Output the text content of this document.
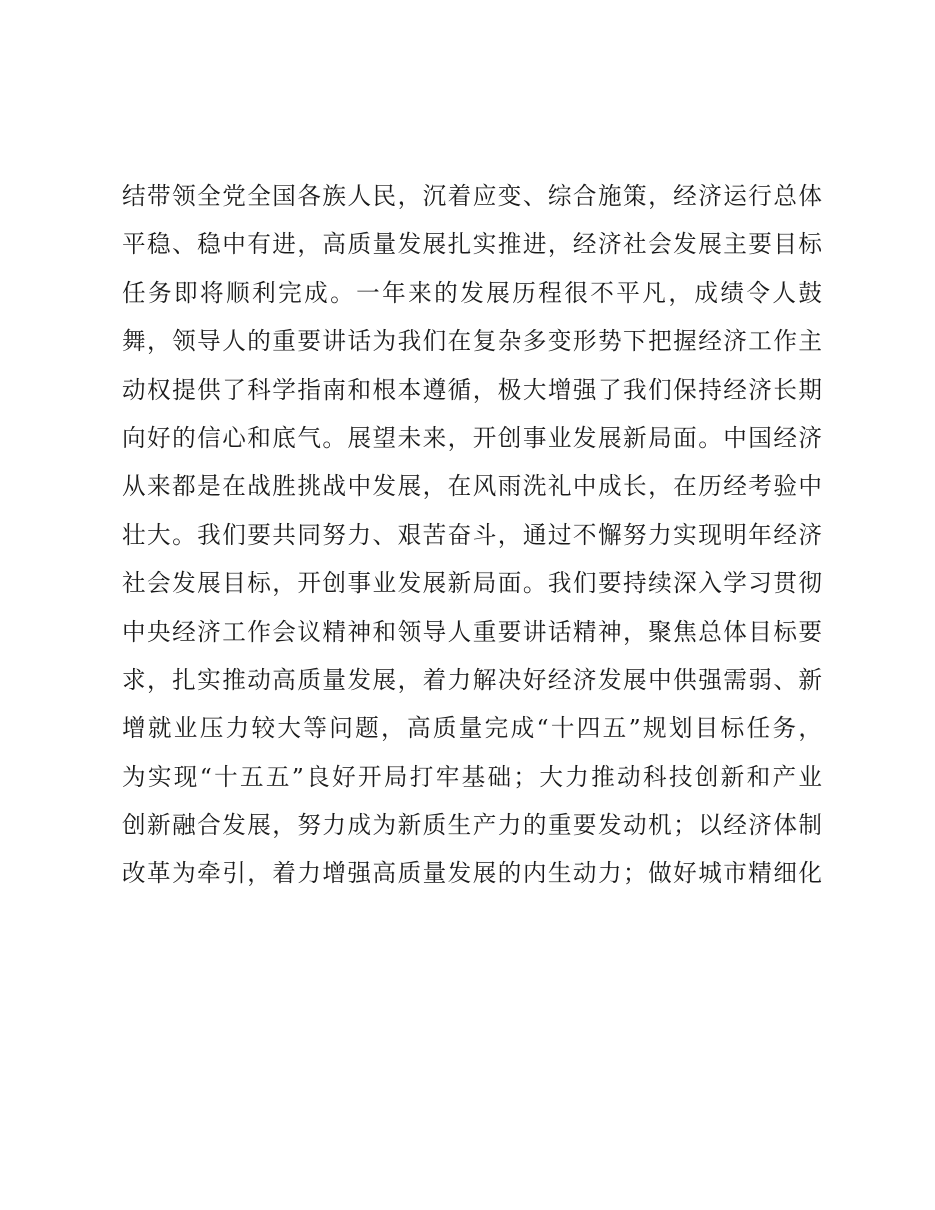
结带领全党全国各族人民，沉着应变、综合施策，经济运行总体
平稳、稳中有进，高质量发展扎实推进，经济社会发展主要目标
任务即将顺利完成。一年来的发展历程很不平凡，成绩令人鼓
舞，领导人的重要讲话为我们在复杂多变形势下把握经济工作主
动权提供了科学指南和根本遵循，极大增强了我们保持经济长期
向好的信心和底气。展望未来，开创事业发展新局面。中国经济
从来都是在战胜挑战中发展，在风雨洗礼中成长，在历经考验中
壮大。我们要共同努力、艰苦奋斗，通过不懈努力实现明年经济
社会发展目标，开创事业发展新局面。我们要持续深入学习贯彻
中央经济工作会议精神和领导人重要讲话精神，聚焦总体目标要
求，扎实推动高质量发展，着力解决好经济发展中供强需弱、新
增就业压力较大等问题，高质量完成“十四五”规划目标任务，
为实现“十五五”良好开局打牢基础；大力推动科技创新和产业
创新融合发展，努力成为新质生产力的重要发动机；以经济体制
改革为牵引，着力增强高质量发展的内生动力；做好城市精细化
